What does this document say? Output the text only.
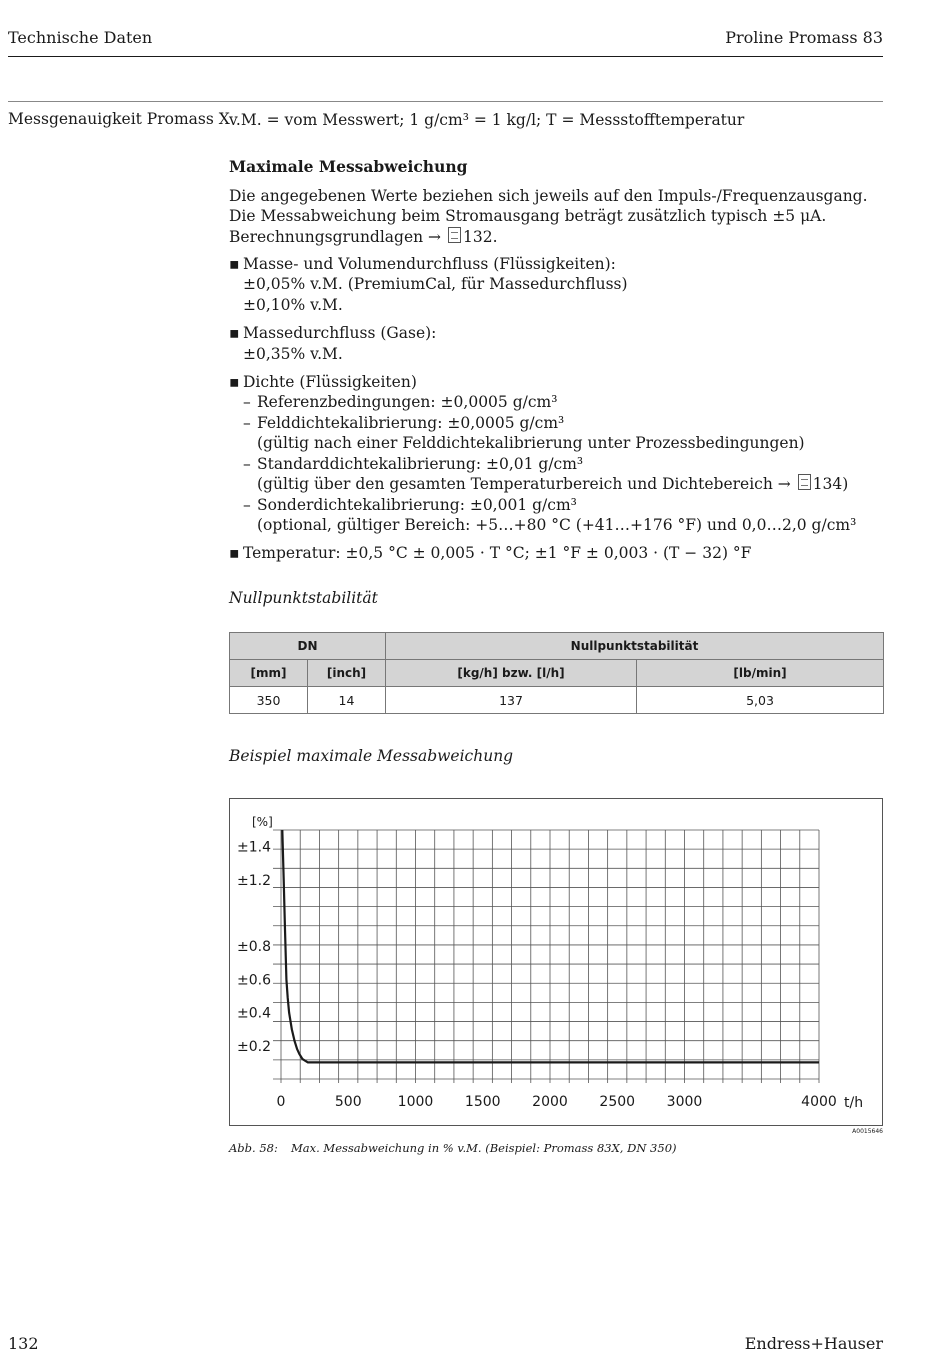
Technische Daten	Proline Promass 83
Messgenauigkeit Promass X v.M. = vom Messwert; 1 g/cm³ = 1 kg/l; T = Messstofftemperatur

Maximale Messabweichung

Die angegebenen Werte beziehen sich jeweils auf den Impuls-/Frequenzausgang.

Die Messabweichung beim Stromausgang beträgt zusätzlich typisch ±5 μA.

Berechnungsgrundlagen → 132.

▪ Masse- und Volumendurchfluss (Flüssigkeiten):
±0,05% v.M. (PremiumCal, für Massedurchfluss)
±0,10% v.M.
▪ Massedurchfluss (Gase):
±0,35% v.M.
▪ Dichte (Flüssigkeiten)
– Referenzbedingungen: ±0,0005 g/cm³
– Felddichtekalibrierung: ±0,0005 g/cm³
(gültig nach einer Felddichtekalibrierung unter Prozessbedingungen)
– Standarddichtekalibrierung: ±0,01 g/cm³
(gültig über den gesamten Temperaturbereich und Dichtebereich → 134)
– Sonderdichtekalibrierung: ±0,001 g/cm³
(optional, gültiger Bereich: +5…+80 °C (+41…+176 °F) und 0,0…2,0 g/cm³
▪ Temperatur: ±0,5 °C ± 0,005 · T °C; ±1 °F ± 0,003 · (T − 32) °F

Nullpunktstabilität

DN		Nullpunktstabilität	
[mm]	[inch]	[kg/h] bzw. [l/h]	[lb/min]
350	14	137	5,03
Beispiel maximale Messabweichung
0	500	1000 1500 2000 2500 3000	4000
±0.2
±0.4
±0.6
±0.8
±1.2
±1.4
[%]
t/h
A0015646
Abb. 58: Max. Messabweichung in % v.M. (Beispiel: Promass 83X, DN 350)
132	Endress+Hauser
